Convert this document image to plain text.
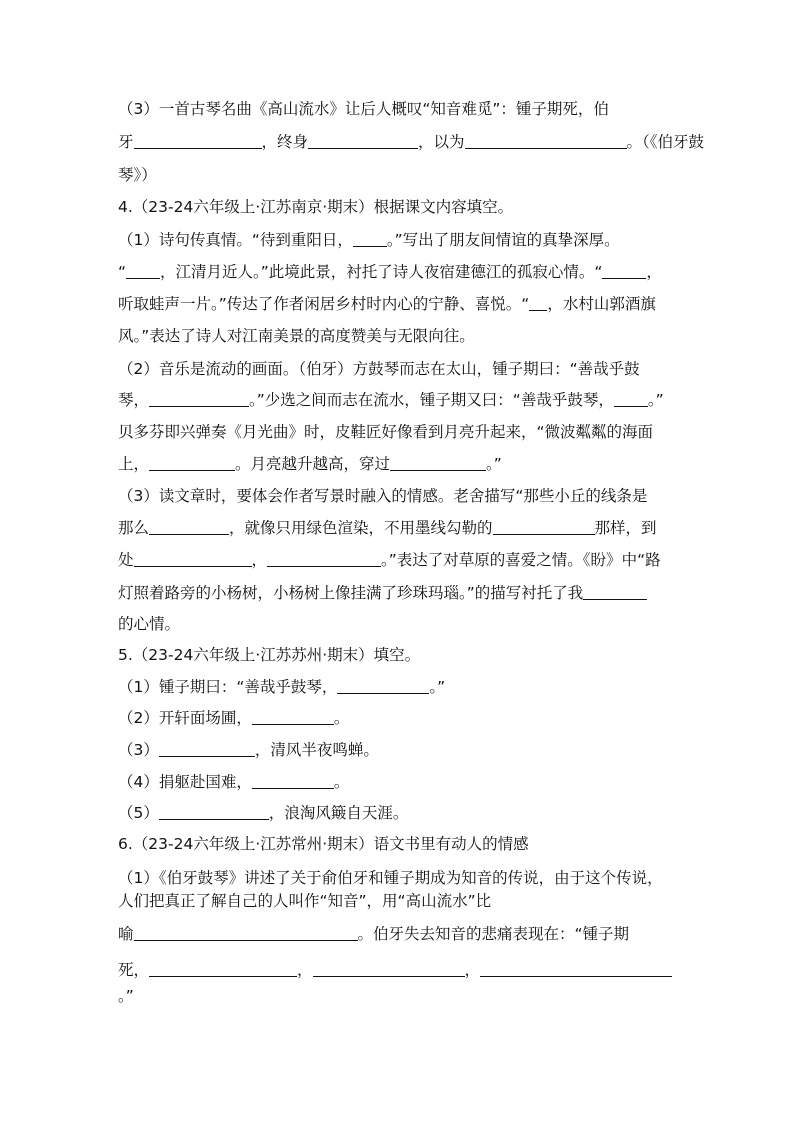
（3）一首古琴名曲《高山流水》让后人概叹“知音难觅”：锺子期死，伯
牙	，终身	，以为	。（《伯牙鼓
琴》）
4.（23-24六年级上·江苏南京·期末）根据课文内容填空。
（1）诗句传真情。“待到重阳日， 。”写出了朋友间情谊的真挚深厚。
“ ，江清月近人。”此境此景，衬托了诗人夜宿建德江的孤寂心情。“	，
听取蛙声一片。”传达了作者闲居乡村时内心的宁静、喜悦。“ ，水村山郭酒旗
风。”表达了诗人对江南美景的高度赞美与无限向往。
（2）音乐是流动的画面。（伯牙）方鼓琴而志在太山，锺子期曰：“善哉乎鼓
琴，	。”少选之间而志在流水，锺子期又曰：“善哉乎鼓琴， 。”
贝多芬即兴弹奏《月光曲》时，皮鞋匠好像看到月亮升起来，“微波粼粼的海面
上，	。月亮越升越高，穿过	。”
（3）读文章时，要体会作者写景时融入的情感。老舍描写“那些小丘的线条是
那么	，就像只用绿色渲染，不用墨线勾勒的	那样，到
处	，	。”表达了对草原的喜爱之情。《盼》中“路
灯照着路旁的小杨树，小杨树上像挂满了珍珠玛瑙。”的描写衬托了我
的心情。
5.（23-24六年级上·江苏苏州·期末）填空。
（1）锺子期曰：“善哉乎鼓琴，	。”
（2）开轩面场圃，	。
（3）	，清风半夜鸣蝉。
（4）捐躯赴国难，	。
（5）	，浪淘风簸自天涯。
6.（23-24六年级上·江苏常州·期末）语文书里有动人的情感
（1）《伯牙鼓琴》讲述了关于俞伯牙和锺子期成为知音的传说，由于这个传说，
人们把真正了解自己的人叫作“知音”，用“高山流水”比
喻	。伯牙失去知音的悲痛表现在：“锺子期
死，	，	，
。”
